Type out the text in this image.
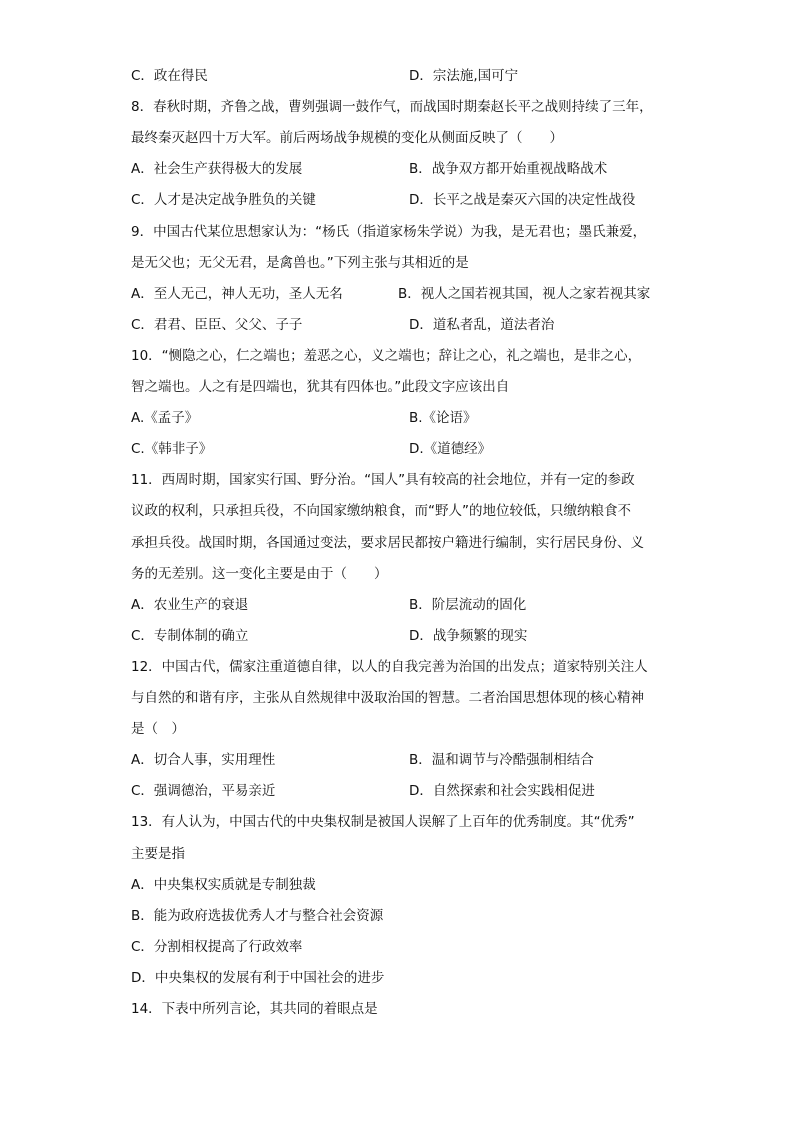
C．政在得民	D．宗法施,国可宁
8．春秋时期，齐鲁之战，曹刿强调一鼓作气，而战国时期秦赵长平之战则持续了三年，
最终秦灭赵四十万大军。前后两场战争规模的变化从侧面反映了（　　）
A．社会生产获得极大的发展	B．战争双方都开始重视战略战术
C．人才是决定战争胜负的关键	D．长平之战是秦灭六国的决定性战役
9．中国古代某位思想家认为：“杨氏（指道家杨朱学说）为我，是无君也；墨氏兼爱，
是无父也；无父无君，是禽兽也。”下列主张与其相近的是
A．至人无己，神人无功，圣人无名	B．视人之国若视其国，视人之家若视其家
C．君君、臣臣、父父、子子	D．道私者乱，道法者治
10．“恻隐之心，仁之端也；羞恶之心，义之端也；辞让之心，礼之端也，是非之心，
智之端也。人之有是四端也，犹其有四体也。”此段文字应该出自
A.《孟子》	B.《论语》
C.《韩非子》	D.《道德经》
11．西周时期，国家实行国、野分治。“国人”具有较高的社会地位，并有一定的参政
议政的权利，只承担兵役，不向国家缴纳粮食，而“野人”的地位较低，只缴纳粮食不
承担兵役。战国时期，各国通过变法，要求居民都按户籍进行编制，实行居民身份、义
务的无差别。这一变化主要是由于（　　）
A．农业生产的衰退	B．阶层流动的固化
C．专制体制的确立	D．战争频繁的现实
12．中国古代，儒家注重道德自律，以人的自我完善为治国的出发点；道家特别关注人
与自然的和谐有序，主张从自然规律中汲取治国的智慧。二者治国思想体现的核心精神
是（　）
A．切合人事，实用理性	B．温和调节与冷酷强制相结合
C．强调德治，平易亲近	D．自然探索和社会实践相促进
13．有人认为，中国古代的中央集权制是被国人误解了上百年的优秀制度。其“优秀”
主要是指
A．中央集权实质就是专制独裁
B．能为政府选拔优秀人才与整合社会资源
C．分割相权提高了行政效率
D．中央集权的发展有利于中国社会的进步
14．下表中所列言论，其共同的着眼点是
